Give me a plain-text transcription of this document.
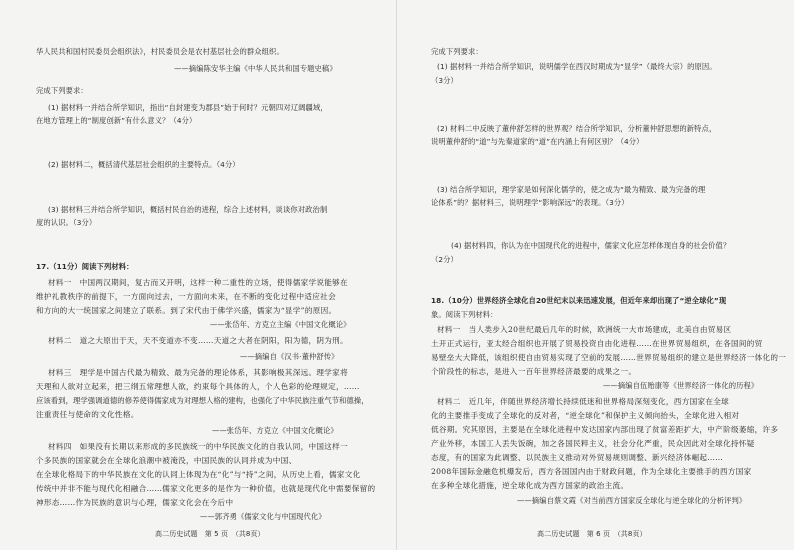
华人民共和国村民委员会组织法》，村民委员会是农村基层社会的群众组织。
——摘编陈安华主编《中华人民共和国专题史稿》
完成下列要求：
(1) 据材料一并结合所学知识，指出“自封建变为郡县”始于何时？元朝四对辽阔疆域，
在地方管理上的“制度创新”有什么意义？（4分）
(2) 据材料二，概括清代基层社会组织的主要特点。（4分）
(3) 据材料三并结合所学知识，概括村民自治的进程，综合上述材料，谈谈你对政治制
度的认识。（3分）
17.（11分）阅读下列材料：
材料一　中国两汉期间，复古而又开明，这样一种二重性的立场，使得儒家学说能够在
维护礼教秩序的前提下，一方面向过去，一方面向未来，在不断的变化过程中适应社会
和方向的大一统国家之间建立了联系。到了宋代由于佛学兴盛，儒家为“显学”的原因。
——张岱年、方克立主编《中国文化概论》
材料二　道之大原出于天，天不变道亦不变……天道之大者在阴阳，阳为德，阴为刑。
——摘编自《汉书·董仲舒传》
材料三　理学是中国古代最为精致、最为完备的理论体系，其影响极其深远。理学家将
天理和人欲对立起来，把三纲五常理想人欲，约束每个具体的人，个人色彩的伦理规定，……
应该看到，理学强调道德的修养使得儒家成为对理想人格的建构，也强化了中华民族注重气节和德操，
注重责任与使命的文化性格。
——张岱年、方克立《中国文化概论》
材料四　如果没有长期以来形成的多民族统一的中华民族文化的自我认同，中国这样一
个多民族的国家就会在全球化浪潮中被淹没，中国民族的认同并成为中国、
在全球化格局下的中华民族在文化的认同上体现为在“化”与“持”之间，从历史上看，儒家文化
传统中并非不能与现代化相融合……儒家文化更多的是作为一种价值，也就是现代化中需要保留的
神形态……作为民族的意识与心理，儒家文化会在今后中
——郭齐勇《儒家文化与中国现代化》
高二历史试题　第 5 页　（共8页）
完成下列要求：
(1) 据材料一并结合所学知识，说明儒学在西汉时期成为“显学”（最终大宗）的原因。
（3分）
(2) 材料二中反映了董仲舒怎样的世界观？结合所学知识，分析董仲舒思想的新特点，
说明董仲舒的“道”与先秦道家的“道”在内涵上有何区别？（4分）
(3) 结合所学知识，理学家是如何深化儒学的，使之成为“最为精致、最为完备的理
论体系”的？据材料三，说明理学“影响深远”的表现。（3分）
(4) 据材料四，你认为在中国现代化的进程中，儒家文化应怎样体现自身的社会价值？
（2分）
18.（10分）世界经济全球化自20世纪末以来迅速发展，但近年来却出现了“逆全球化”现
象。阅读下列材料：
材料一　当人类步入20世纪最后几年的时候，欧洲统一大市场建成，北美自由贸易区
土开正式运行，亚太经合组织也开展了贸易投资自由化进程……在世界贸易组织，在各国间的贸
易壁垒大大降低，该组织使自由贸易实现了空前的发展……世界贸易组织的建立是世界经济一体化的一
个阶段性的标志，是进入一百年世界经济最要的成果之一。
——摘编自伍贻康等《世界经济一体化的历程》
材料二　近几年，伴随世界经济增长持续低迷和世界格局深刻变化，西方国家在全球
化的主要推手变成了全球化的反对者，“逆全球化”和保护主义倾向抬头，全球化进入相对
低谷期。究其原因，主要是在全球化进程中发达国家内部出现了贫富差距扩大，中产阶级萎缩，许多
产业外移，本国工人丢失饭碗，加之各国民粹主义，社会分化严重，民众因此对全球化持怀疑
态度，有的国家为此调整、以民族主义推动对外贸易规则调整、新兴经济体崛起……
2008年国际金融危机爆发后，西方各国国内由于财政问题，作为全球化主要推手的西方国家
在多种全球化措施，逆全球化成为西方国家的政治主流。
——摘编自蔡文霞《对当前西方国家反全球化与逆全球化的分析评判》
高二历史试题　第 6 页　（共8页）
